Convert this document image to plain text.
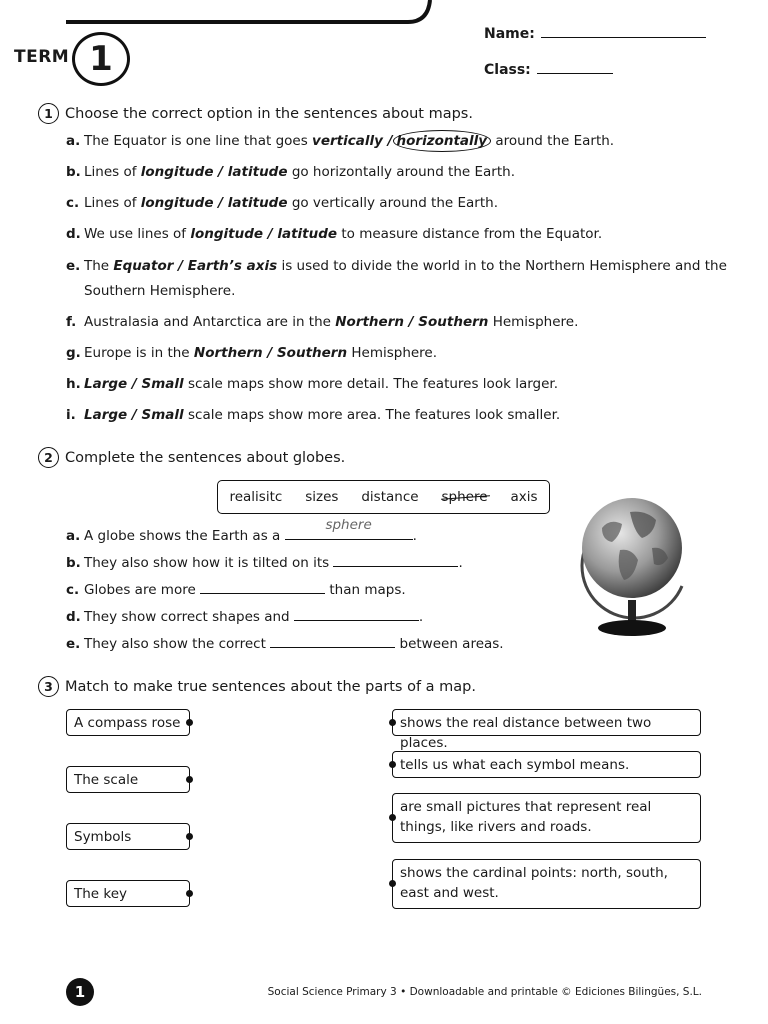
TERM 1
Name:
Class:
1 Choose the correct option in the sentences about maps.
a. The Equator is one line that goes vertically / horizontally around the Earth.
b. Lines of longitude / latitude go horizontally around the Earth.
c. Lines of longitude / latitude go vertically around the Earth.
d. We use lines of longitude / latitude to measure distance from the Equator.
e. The Equator / Earth’s axis is used to divide the world in to the Northern Hemisphere and the
Southern Hemisphere.
f. Australasia and Antarctica are in the Northern / Southern Hemisphere.
g. Europe is in the Northern / Southern Hemisphere.
h. Large / Small scale maps show more detail. The features look larger.
i. Large / Small scale maps show more area. The features look smaller.
2 Complete the sentences about globes.
realisitc sizes distance sphere axis
a. A globe shows the Earth as a
sphere
.
b. They also show how it is tilted on its	.
c. Globes are more	than maps.
d. They show correct shapes and	.
e. They also show the correct	between areas.
3 Match to make true sentences about the parts of a map.
A compass rose
The scale
Symbols
The key
shows the real distance between two places.
tells us what each symbol means.
are small pictures that represent real things, like rivers and roads.
shows the cardinal points: north, south, east and west.
1	Social Science Primary 3 • Downloadable and printable © Ediciones Bilingües, S.L.
